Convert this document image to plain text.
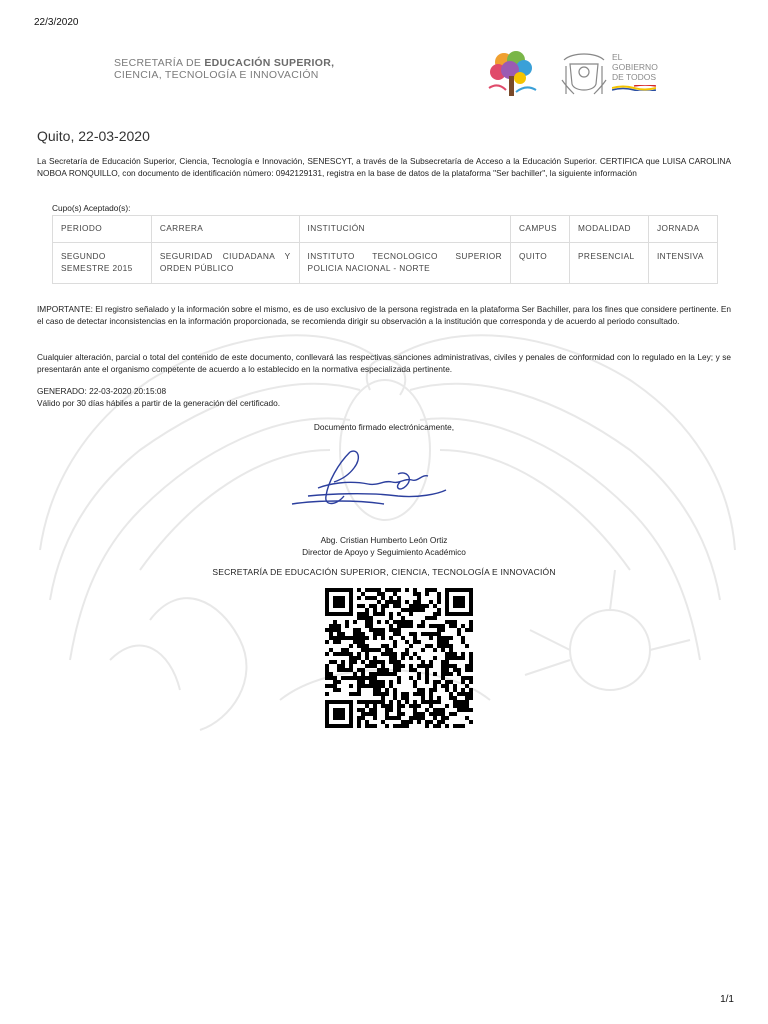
22/3/2020
SECRETARÍA DE EDUCACIÓN SUPERIOR,
CIENCIA, TECNOLOGÍA E INNOVACIÓN
EL
GOBIERNO
DE TODOS
Quito, 22-03-2020
La Secretaría de Educación Superior, Ciencia, Tecnología e Innovación, SENESCYT, a través de la Subsecretaría de Acceso a la Educación Superior. CERTIFICA que LUISA CAROLINA NOBOA RONQUILLO, con documento de identificación número: 0942129131, registra en la base de datos de la plataforma "Ser bachiller", la siguiente información
Cupo(s) Aceptado(s):
PERIODO	CARRERA	INSTITUCIÓN	CAMPUS	MODALIDAD	JORNADA
SEGUNDO SEMESTRE 2015	SEGURIDAD CIUDADANA Y ORDEN PÚBLICO	INSTITUTO TECNOLOGICO SUPERIOR POLICIA NACIONAL - NORTE	QUITO	PRESENCIAL	INTENSIVA
IMPORTANTE: El registro señalado y la información sobre el mismo, es de uso exclusivo de la persona registrada en la plataforma Ser Bachiller, para los fines que considere pertinente. En el caso de detectar inconsistencias en la información proporcionada, se recomienda dirigir su observación a la institución que corresponda y de acuerdo al periodo consultado.
Cualquier alteración, parcial o total del contenido de este documento, conllevará las respectivas sanciones administrativas, civiles y penales de conformidad con lo regulado en la Ley; y se presentarán ante el organismo competente de acuerdo a lo establecido en la normativa especializada pertinente.
GENERADO: 22-03-2020 20:15:08
Válido por 30 días hábiles a partir de la generación del certificado.
Documento firmado electrónicamente,
Abg. Cristian Humberto León Ortiz
Director de Apoyo y Seguimiento Académico
SECRETARÍA DE EDUCACIÓN SUPERIOR, CIENCIA, TECNOLOGÍA E INNOVACIÓN
1/1
